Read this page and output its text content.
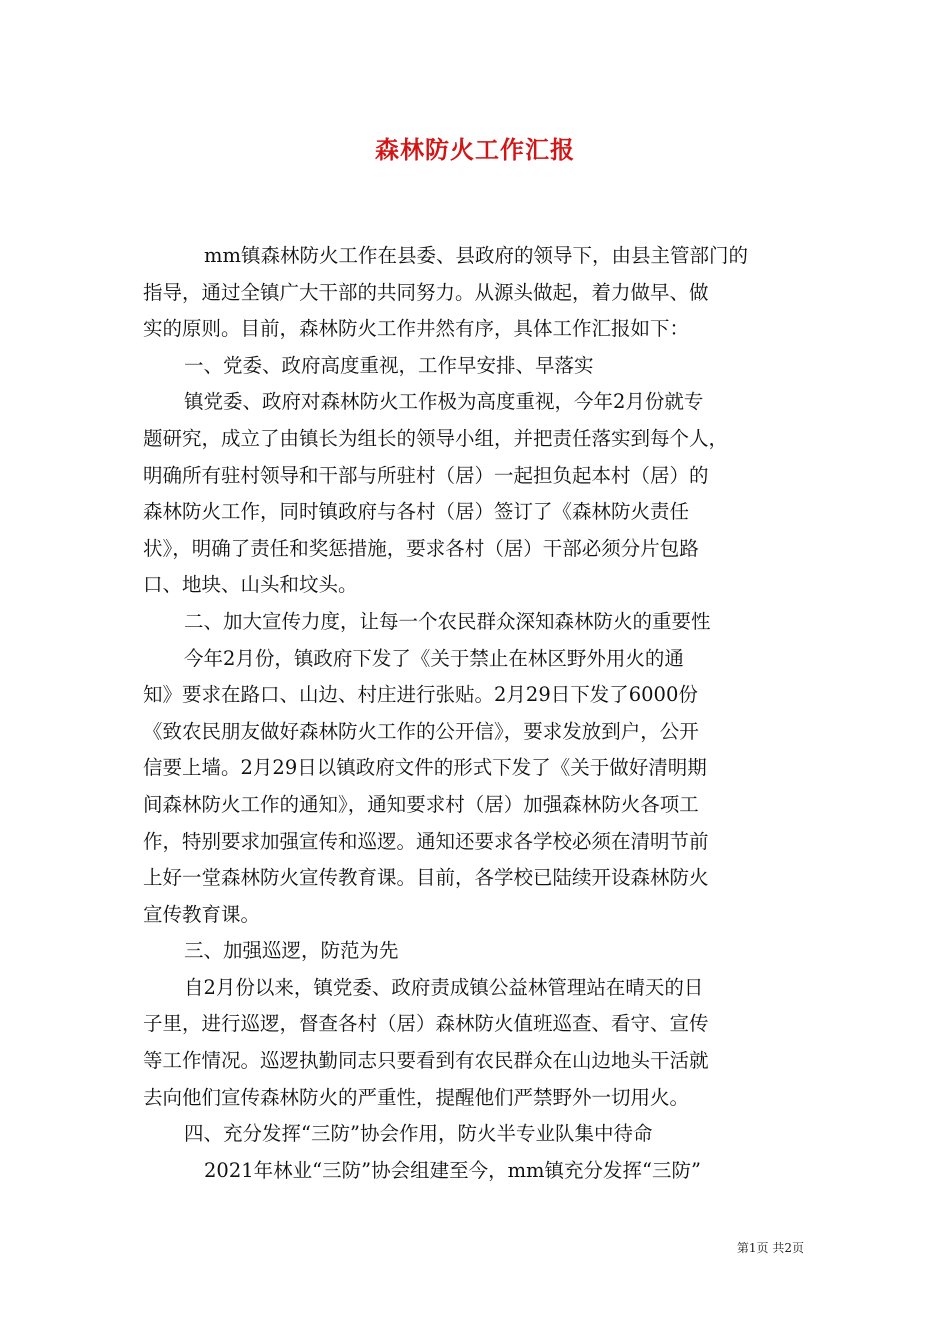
森林防火工作汇报
mm镇森林防火工作在县委、县政府的领导下，由县主管部门的
指导，通过全镇广大干部的共同努力。从源头做起，着力做早、做
实的原则。目前，森林防火工作井然有序，具体工作汇报如下：
一、党委、政府高度重视，工作早安排、早落实
镇党委、政府对森林防火工作极为高度重视，今年2月份就专
题研究，成立了由镇长为组长的领导小组，并把责任落实到每个人，
明确所有驻村领导和干部与所驻村（居）一起担负起本村（居）的
森林防火工作，同时镇政府与各村（居）签订了《森林防火责任
状》，明确了责任和奖惩措施，要求各村（居）干部必须分片包路
口、地块、山头和坟头。
二、加大宣传力度，让每一个农民群众深知森林防火的重要性
今年2月份，镇政府下发了《关于禁止在林区野外用火的通
知》要求在路口、山边、村庄进行张贴。2月29日下发了6000份
《致农民朋友做好森林防火工作的公开信》，要求发放到户，公开
信要上墙。2月29日以镇政府文件的形式下发了《关于做好清明期
间森林防火工作的通知》，通知要求村（居）加强森林防火各项工
作，特别要求加强宣传和巡逻。通知还要求各学校必须在清明节前
上好一堂森林防火宣传教育课。目前，各学校已陆续开设森林防火
宣传教育课。
三、加强巡逻，防范为先
自2月份以来，镇党委、政府责成镇公益林管理站在晴天的日
子里，进行巡逻，督查各村（居）森林防火值班巡查、看守、宣传
等工作情况。巡逻执勤同志只要看到有农民群众在山边地头干活就
去向他们宣传森林防火的严重性，提醒他们严禁野外一切用火。
四、充分发挥“三防”协会作用，防火半专业队集中待命
2021年林业“三防”协会组建至今，mm镇充分发挥“三防”
第1页 共2页
